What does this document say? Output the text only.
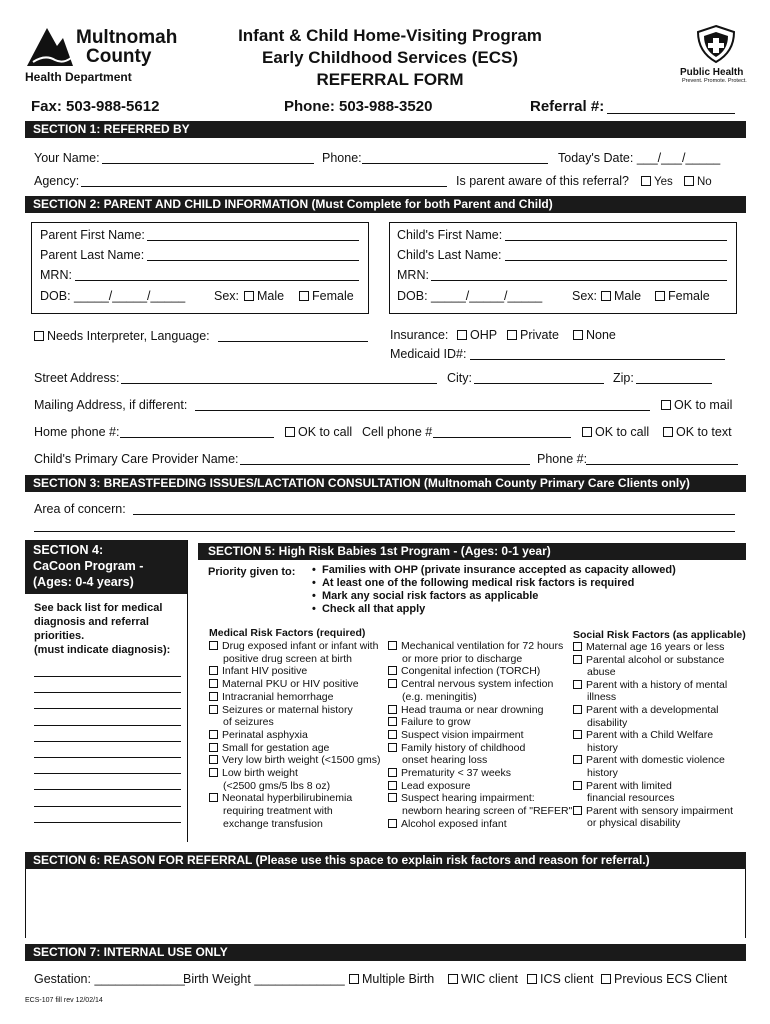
Multnomah
County
Health Department
Infant & Child Home-Visiting Program
Early Childhood Services (ECS)
REFERRAL FORM	Public Health
Prevent. Promote. Protect.
Fax: 503-988-5612	Phone: 503-988-3520	Referral #:
SECTION 1: REFERRED BY
Your Name:	Phone:	Today's Date: ___/___/_____
Agency:	Is parent aware of this referral?	Yes	No
SECTION 2: PARENT AND CHILD INFORMATION (Must Complete for both Parent and Child)
Parent First Name:
Parent Last Name:
MRN:
DOB: _____/_____/_____ Sex:	Male	Female
Child's First Name:
Child's Last Name:
MRN:
DOB: _____/_____/_____ Sex:	Male	Female
Needs Interpreter, Language:	Insurance:	OHP	Private	None
Medicaid ID#:
Street Address:	City:	Zip:
Mailing Address, if different:	OK to mail
Home phone #:	OK to call Cell phone #	OK to call	OK to text
Child's Primary Care Provider Name:	Phone #:
SECTION 3: BREASTFEEDING ISSUES/LACTATION CONSULTATION (Multnomah County Primary Care Clients only)
Area of concern:
SECTION 4:
CaCoon Program -
(Ages: 0-4 years)
See back list for medical
diagnosis and referral
priorities.
(must indicate diagnosis):
SECTION 5: High Risk Babies 1st Program - (Ages: 0-1 year)
Priority given to: •  Families with OHP (private insurance accepted as capacity allowed)
•  At least one of the following medical risk factors is required
•  Mark any social risk factors as applicable
•  Check all that apply
Medical Risk Factors (required)	Social Risk Factors (as applicable)
Drug exposed infant or infant with
positive drug screen at birth
Infant HIV positive
Maternal PKU or HIV positive
Intracranial hemorrhage
Seizures or maternal history
of seizures
Perinatal asphyxia
Small for gestation age
Very low birth weight (<1500 gms)
Low birth weight
(<2500 gms/5 lbs 8 oz)
Neonatal hyperbilirubinemia
requiring treatment with
exchange transfusion
Mechanical ventilation for 72 hours
or more prior to discharge
Congenital infection (TORCH)
Central nervous system infection
(e.g. meningitis)
Head trauma or near drowning
Failure to grow
Suspect vision impairment
Family history of childhood
onset hearing loss
Prematurity < 37 weeks
Lead exposure
Suspect hearing impairment:
newborn hearing screen of "REFER"
Alcohol exposed infant
Maternal age 16 years or less
Parental alcohol or substance
abuse
Parent with a history of mental
illness
Parent with a developmental
disability
Parent with a Child Welfare
history
Parent with domestic violence
history
Parent with limited
financial resources
Parent with sensory impairment
or physical disability
SECTION 6: REASON FOR REFERRAL (Please use this space to explain risk factors and reason for referral.)
SECTION 7: INTERNAL USE ONLY
Gestation: _____________
Birth Weight _____________	Multiple Birth	WIC client	ICS client	Previous ECS Client
ECS-107 fill rev 12/02/14
